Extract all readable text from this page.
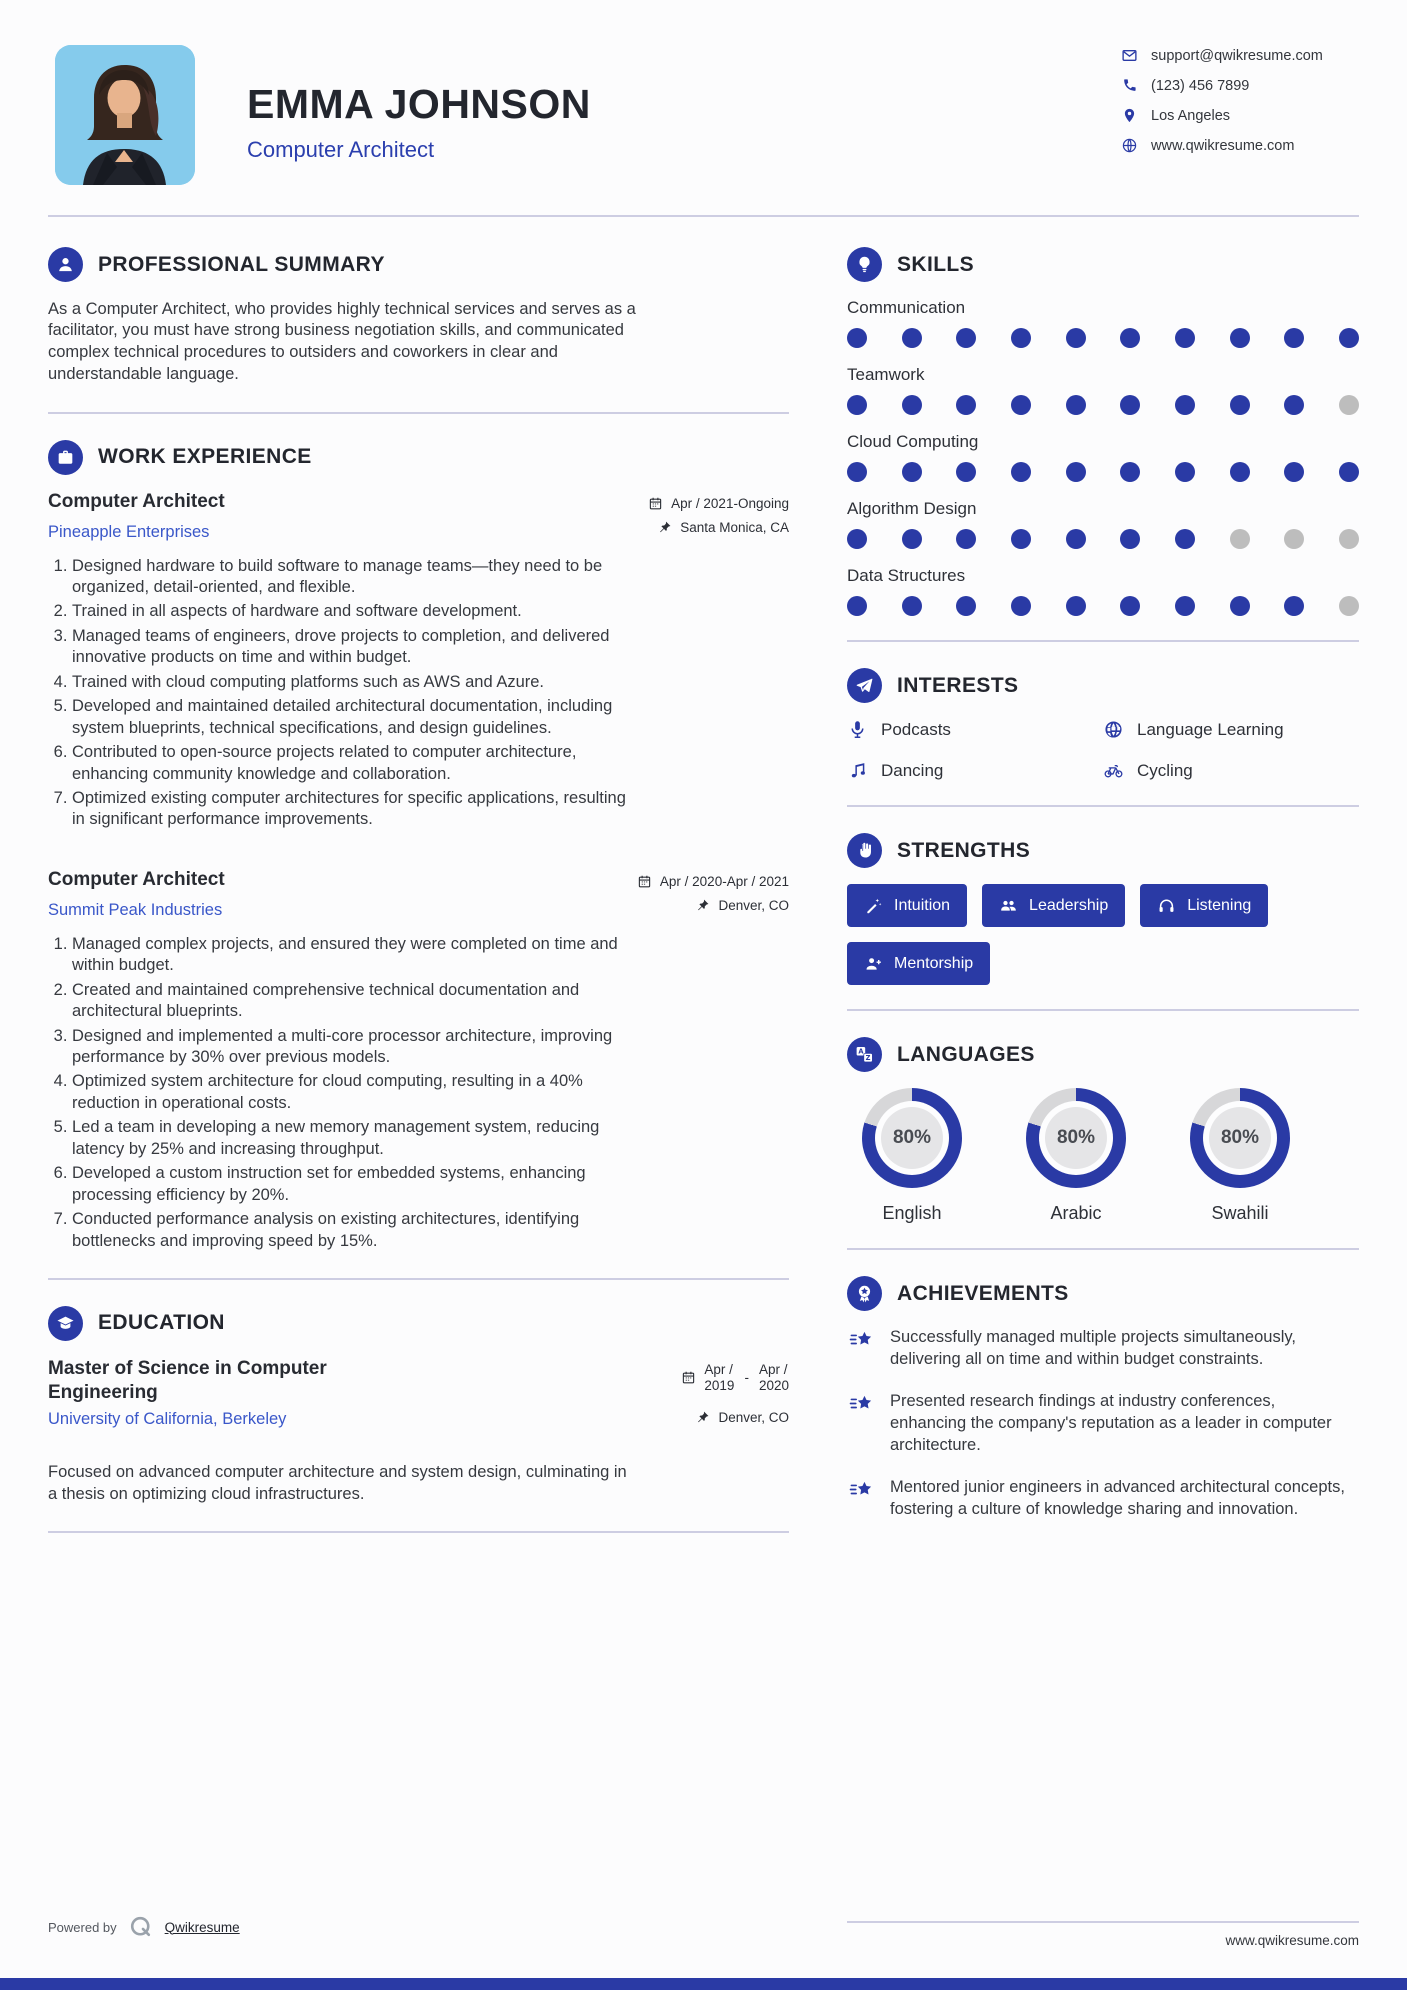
EMMA JOHNSON
Computer Architect
support@qwikresume.com
(123) 456 7899
Los Angeles
www.qwikresume.com
PROFESSIONAL SUMMARY

As a Computer Architect, who provides highly technical services and serves as a facilitator, you must have strong business negotiation skills, and communicated complex technical procedures to outsiders and coworkers in clear and understandable language.

WORK EXPERIENCE
Computer Architect
Pineapple Enterprises
Apr / 2021-Ongoing
Santa Monica, CA
1. Designed hardware to build software to manage teams—they need to be organized, detail-oriented, and flexible.
2. Trained in all aspects of hardware and software development.
3. Managed teams of engineers, drove projects to completion, and delivered innovative products on time and within budget.
4. Trained with cloud computing platforms such as AWS and Azure.
5. Developed and maintained detailed architectural documentation, including system blueprints, technical specifications, and design guidelines.
6. Contributed to open-source projects related to computer architecture, enhancing community knowledge and collaboration.
7. Optimized existing computer architectures for specific applications, resulting in significant performance improvements.
Computer Architect
Summit Peak Industries
Apr / 2020-Apr / 2021
Denver, CO
1. Managed complex projects, and ensured they were completed on time and within budget.
2. Created and maintained comprehensive technical documentation and architectural blueprints.
3. Designed and implemented a multi-core processor architecture, improving performance by 30% over previous models.
4. Optimized system architecture for cloud computing, resulting in a 40% reduction in operational costs.
5. Led a team in developing a new memory management system, reducing latency by 25% and increasing throughput.
6. Developed a custom instruction set for embedded systems, enhancing processing efficiency by 20%.
7. Conducted performance analysis on existing architectures, identifying bottlenecks and improving speed by 15%.
EDUCATION
Master of Science in Computer Engineering
University of California, Berkeley
Apr /
2019 -
Apr /
2020
Denver, CO

Focused on advanced computer architecture and system design, culminating in a thesis on optimizing cloud infrastructures.

SKILLS
Communication
Teamwork
Cloud Computing
Algorithm Design
Data Structures
INTERESTS
Podcasts	Language Learning
Dancing	Cycling
STRENGTHS
Intuition	Leadership	Listening
Mentorship
A
Z LANGUAGES
80%
English
80%
Arabic
80%
Swahili
ACHIEVEMENTS
Successfully managed multiple projects simultaneously, delivering all on time and within budget constraints.
Presented research findings at industry conferences, enhancing the company's reputation as a leader in computer architecture.
Mentored junior engineers in advanced architectural concepts, fostering a culture of knowledge sharing and innovation.
Powered by	Qwikresume
www.qwikresume.com
